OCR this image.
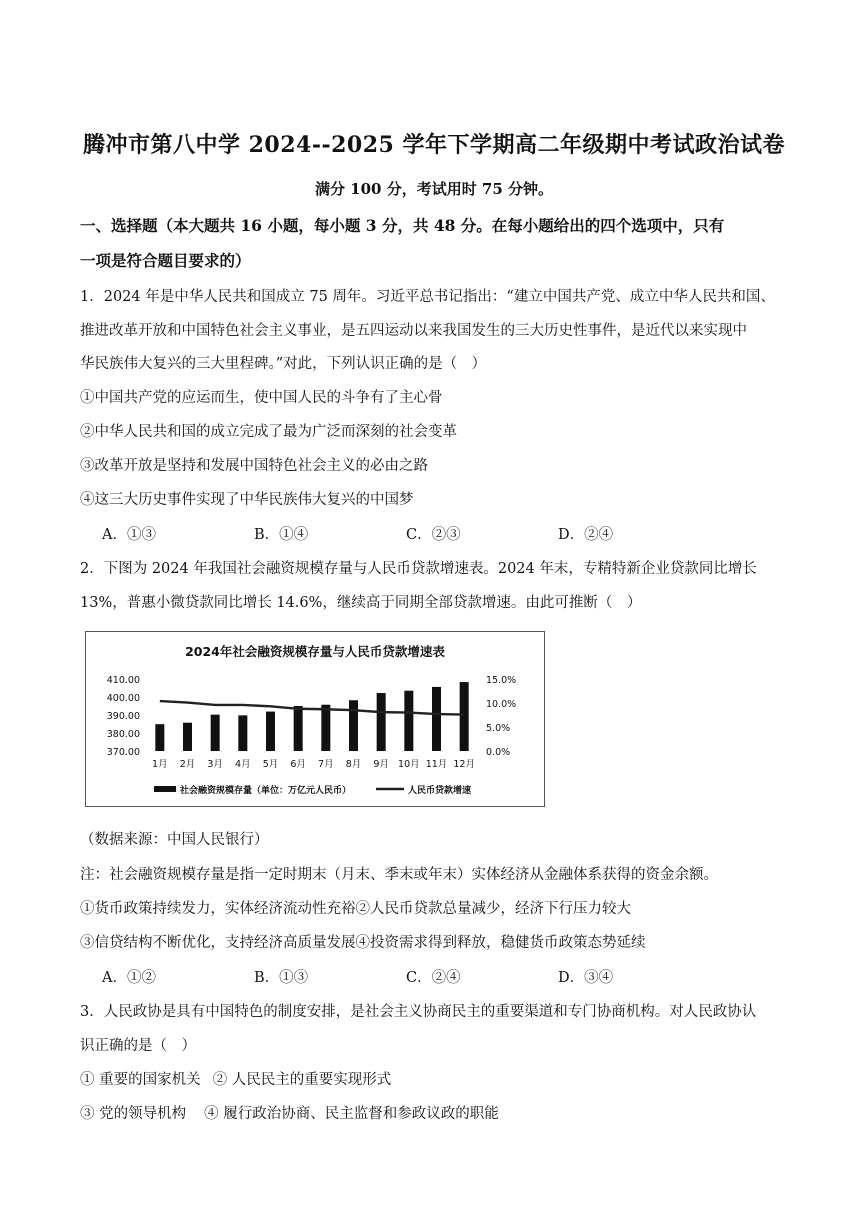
腾冲市第八中学 2024--2025 学年下学期高二年级期中考试政治试卷
满分 100 分，考试用时 75 分钟。
一、选择题（本大题共 16 小题，每小题 3 分，共 48 分。在每小题给出的四个选项中，只有
一项是符合题目要求的）
1．2024 年是中华人民共和国成立 75 周年。习近平总书记指出：“建立中国共产党、成立中华人民共和国、
推进改革开放和中国特色社会主义事业，是五四运动以来我国发生的三大历史性事件，是近代以来实现中
华民族伟大复兴的三大里程碑。”对此，下列认识正确的是（　）
①中国共产党的应运而生，使中国人民的斗争有了主心骨
②中华人民共和国的成立完成了最为广泛而深刻的社会变革
③改革开放是坚持和发展中国特色社会主义的必由之路
④这三大历史事件实现了中华民族伟大复兴的中国梦
A．①③	B．①④	C．②③	D．②④
2．下图为 2024 年我国社会融资规模存量与人民币贷款增速表。2024 年末，专精特新企业贷款同比增长
13%，普惠小微贷款同比增长 14.6%，继续高于同期全部贷款增速。由此可推断（　）
2024年社会融资规模存量与人民币贷款增速表
370.00
380.00
390.00
400.00
410.00
0.0%
5.0%
10.0%
15.0%
1月 2月 3月 4月 5月 6月 7月 8月 9月 10月 11月 12月
社会融资规模存量（单位：万亿元人民币）	人民币贷款增速
（数据来源：中国人民银行）
注：社会融资规模存量是指一定时期末（月末、季末或年末）实体经济从金融体系获得的资金余额。
①货币政策持续发力，实体经济流动性充裕②人民币贷款总量减少，经济下行压力较大
③信贷结构不断优化，支持经济高质量发展④投资需求得到释放，稳健货币政策态势延续
A．①②	B．①③	C．②④	D．③④
3．人民政协是具有中国特色的制度安排，是社会主义协商民主的重要渠道和专门协商机构。对人民政协认
识正确的是（　）
① 重要的国家机关 ② 人民民主的重要实现形式
③ 党的领导机构 ④ 履行政治协商、民主监督和参政议政的职能
